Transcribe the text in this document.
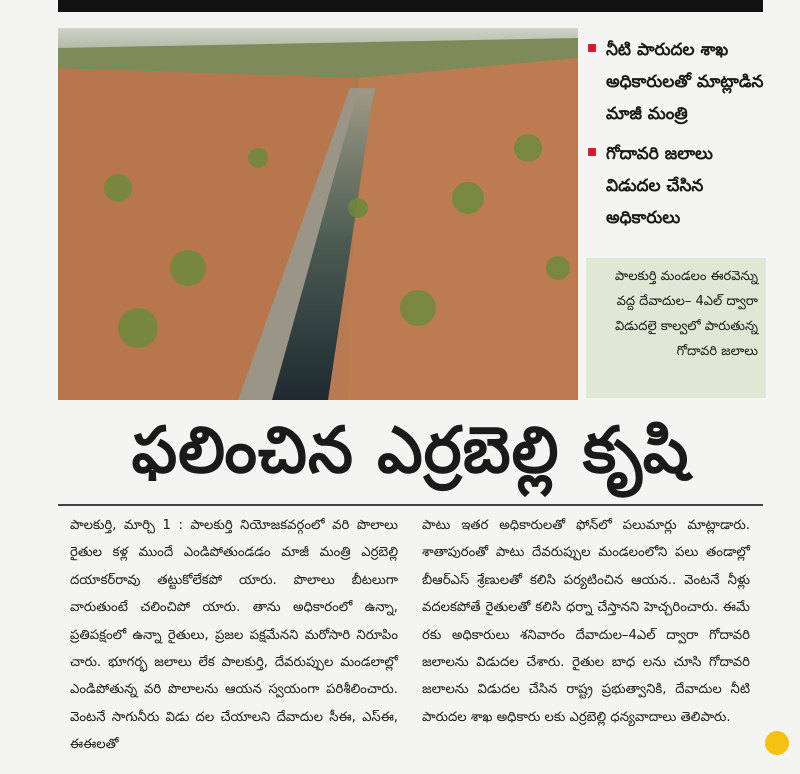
నీటి పారుదల శాఖ అధికారులతో మాట్లాడిన మాజీ మంత్రి
గోదావరి జలాలు విడుదల చేసిన అధికారులు
పాలకుర్తి మండలం ఈరవెన్ను వద్ద దేవాదుల– 4ఎల్ ద్వారా విడుదలై కాల్వలో పారుతున్న గోదావరి జలాలు
ఫలించిన ఎర్రబెల్లి కృషి
పాలకుర్తి, మార్చి 1 : పాలకుర్తి నియోజకవర్గంలో వరి పొలాలు రైతుల కళ్ల ముందే ఎండిపోతుండడం మాజీ మంత్రి ఎర్రబెల్లి దయాకర్‌రావు తట్టుకోలేకపో యారు. పొలాలు బీటలుగా వారుతుంటే చలించిపో యారు. తాను అధికారంలో ఉన్నా, ప్రతిపక్షంలో ఉన్నా రైతులు, ప్రజల పక్షమేనని మరోసారి నిరూపిం చారు. భూగర్భ జలాలు లేక పాలకుర్తి, దేవరుప్పుల మండలాల్లో ఎండిపోతున్న వరి పొలాలను ఆయన స్వయంగా పరిశీలించారు. వెంటనే సాగునీరు విడు దల చేయాలని దేవాదుల సీఈ, ఎస్‌ఈ, ఈఈలతో
పాటు ఇతర అధికారులతో ఫోన్‌లో పలుమార్లు మాట్లాడారు. శాతాపురంతో పాటు దేవరుప్పుల మండలంలోని పలు తండాల్లో బీఆర్‌ఎస్ శ్రేణులతో కలిసి పర్యటించిన ఆయన.. వెంటనే నీళ్లు వదలకపోతే రైతులతో కలిసి ధర్నా చేస్తానని హెచ్చరించారు. ఈమే రకు అధికారులు శనివారం దేవాదుల–4ఎల్ ద్వారా గోదావరి జలాలను విడుదల చేశారు. రైతుల బాధ లను చూసి గోదావరి జలాలను విడుదల చేసిన రాష్ట్ర ప్రభుత్వానికి, దేవాదుల నీటి పారుదల శాఖ అధికారు లకు ఎర్రబెల్లి ధన్యవాదాలు తెలిపారు.
